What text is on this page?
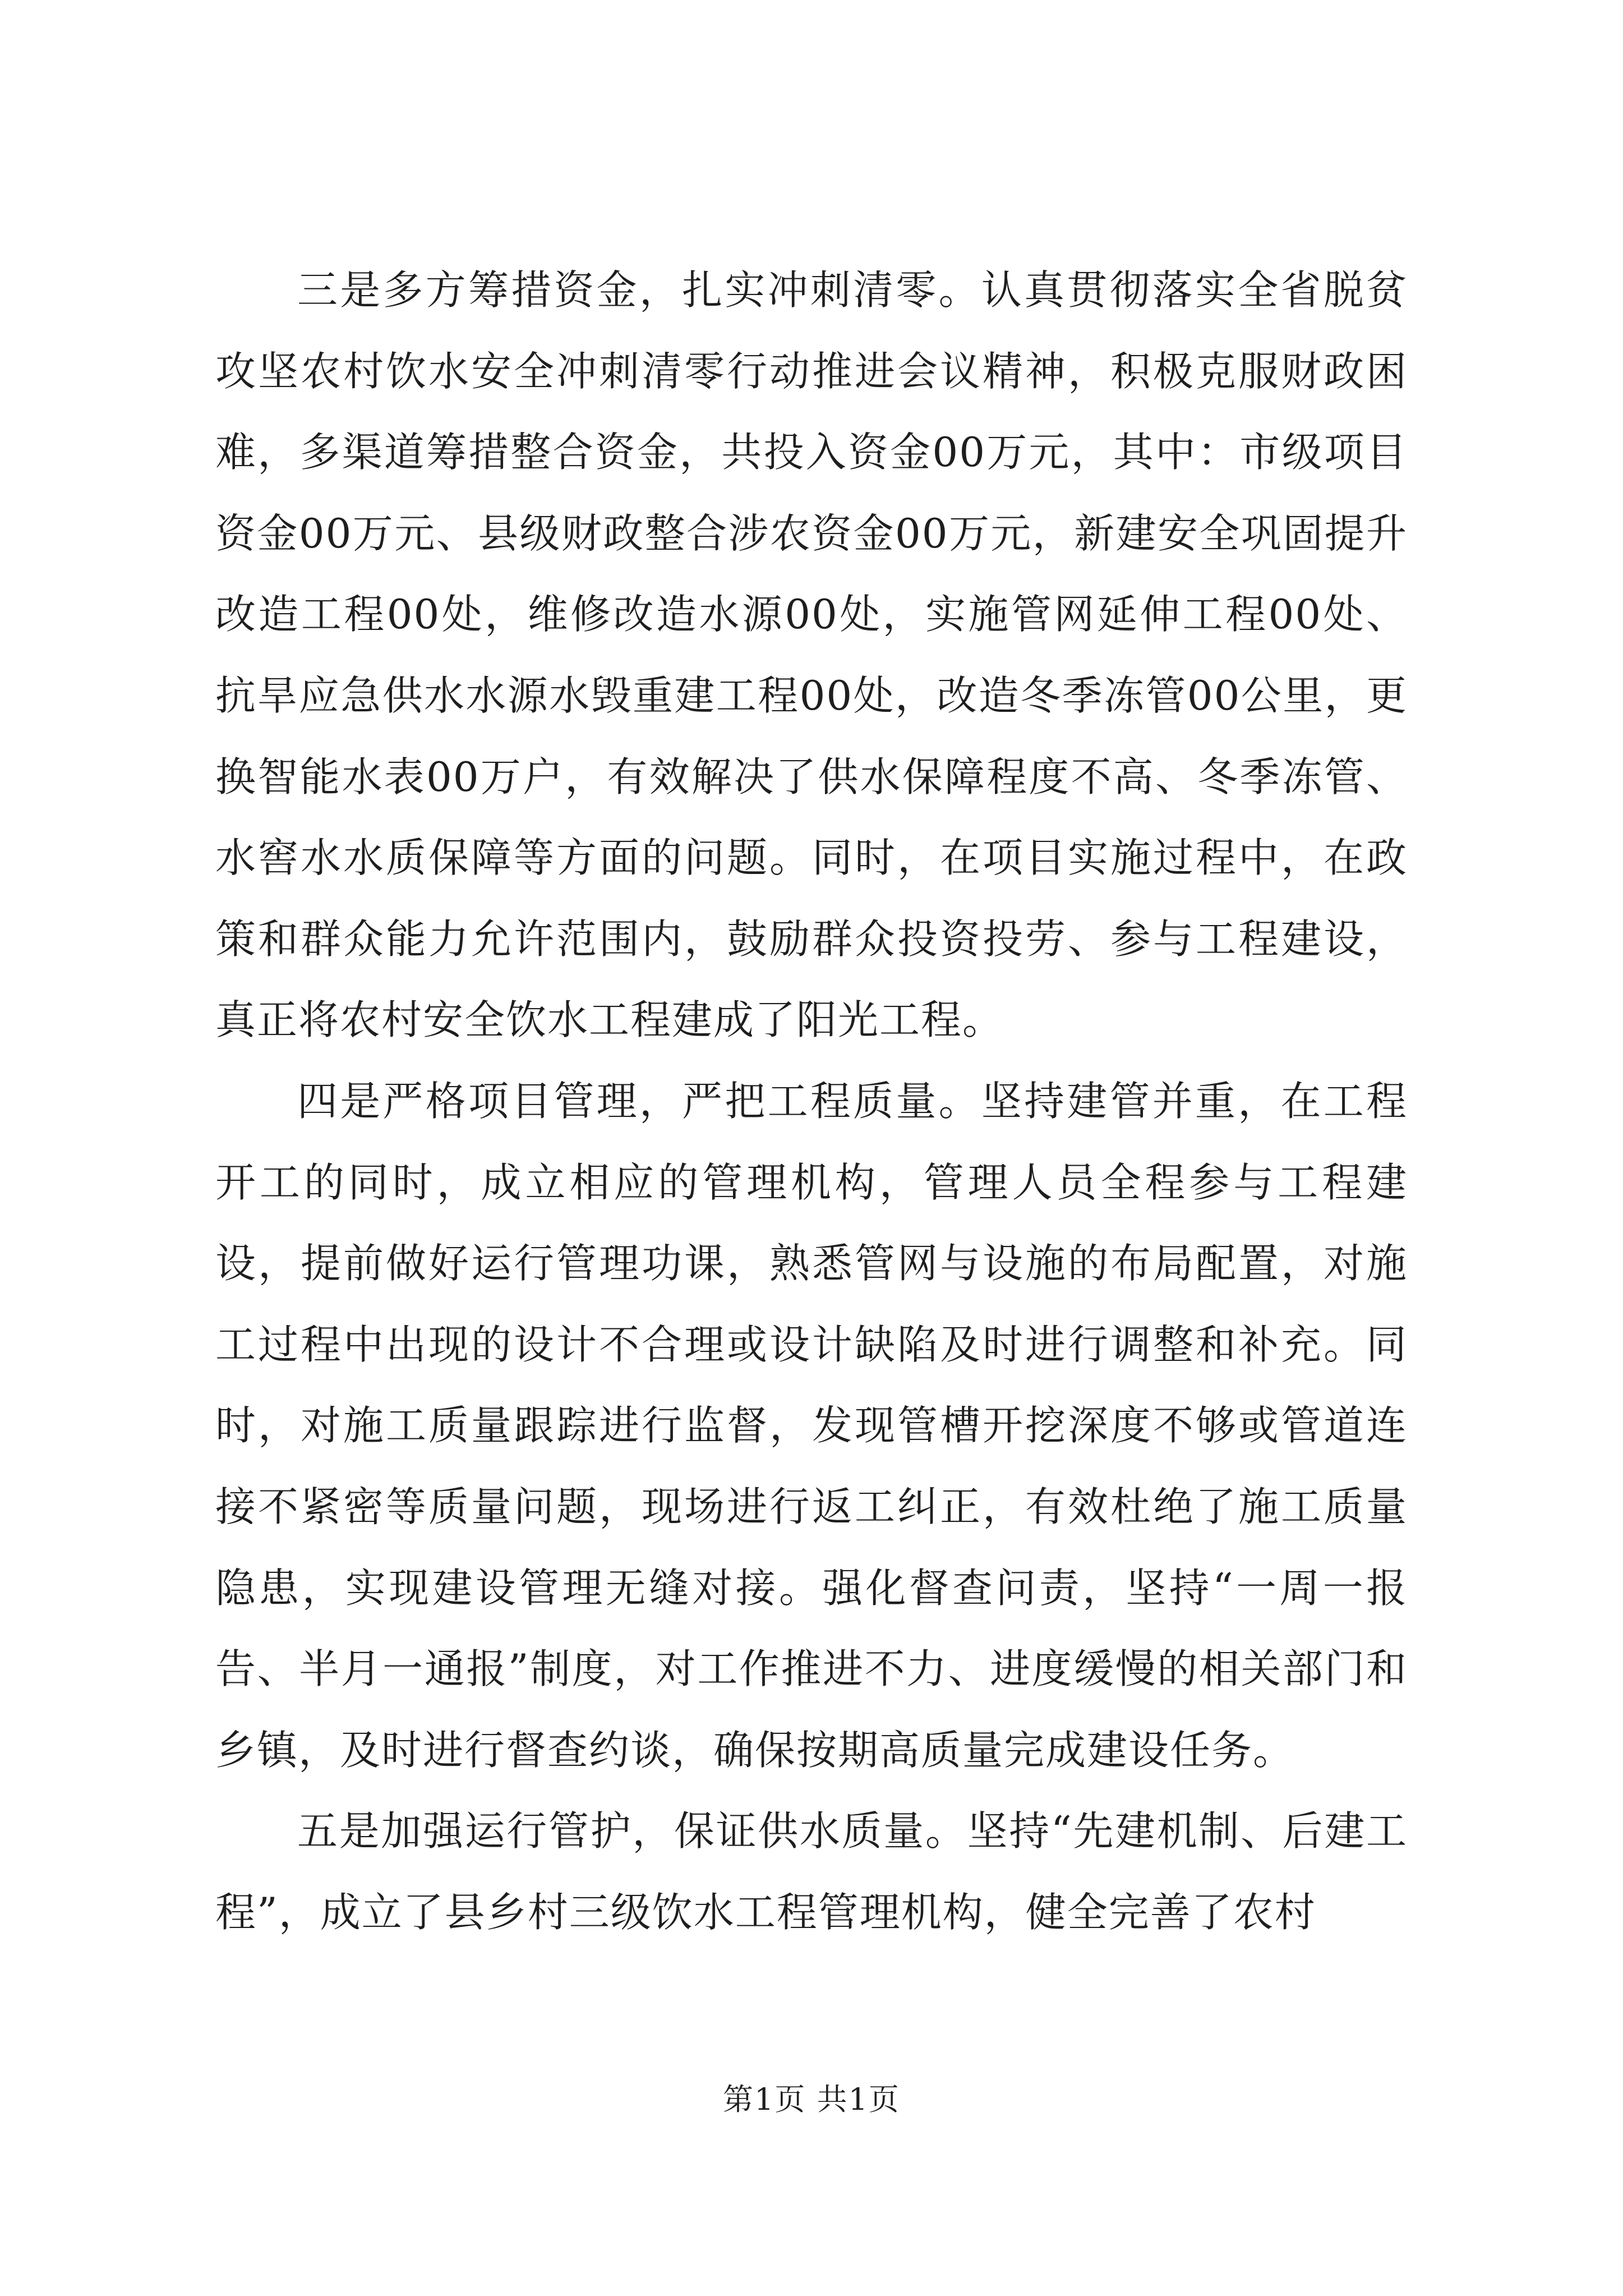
三是多方筹措资金，扎实冲刺清零。认真贯彻落实全省脱贫攻坚农村饮水安全冲刺清零行动推进会议精神，积极克服财政困难，多渠道筹措整合资金，共投入资金00万元，其中：市级项目资金00万元、县级财政整合涉农资金00万元，新建安全巩固提升改造工程00处，维修改造水源00处，实施管网延伸工程00处、抗旱应急供水水源水毁重建工程00处，改造冬季冻管00公里，更换智能水表00万户，有效解决了供水保障程度不高、冬季冻管、水窖水水质保障等方面的问题。同时，在项目实施过程中，在政策和群众能力允许范围内，鼓励群众投资投劳、参与工程建设，真正将农村安全饮水工程建成了阳光工程。

四是严格项目管理，严把工程质量。坚持建管并重，在工程开工的同时，成立相应的管理机构，管理人员全程参与工程建设，提前做好运行管理功课，熟悉管网与设施的布局配置，对施工过程中出现的设计不合理或设计缺陷及时进行调整和补充。同时，对施工质量跟踪进行监督，发现管槽开挖深度不够或管道连接不紧密等质量问题，现场进行返工纠正，有效杜绝了施工质量隐患，实现建设管理无缝对接。强化督查问责，坚持“一周一报告、半月一通报”制度，对工作推进不力、进度缓慢的相关部门和乡镇，及时进行督查约谈，确保按期高质量完成建设任务。

五是加强运行管护，保证供水质量。坚持“先建机制、后建工程”，成立了县乡村三级饮水工程管理机构，健全完善了农村

第1页 共1页
